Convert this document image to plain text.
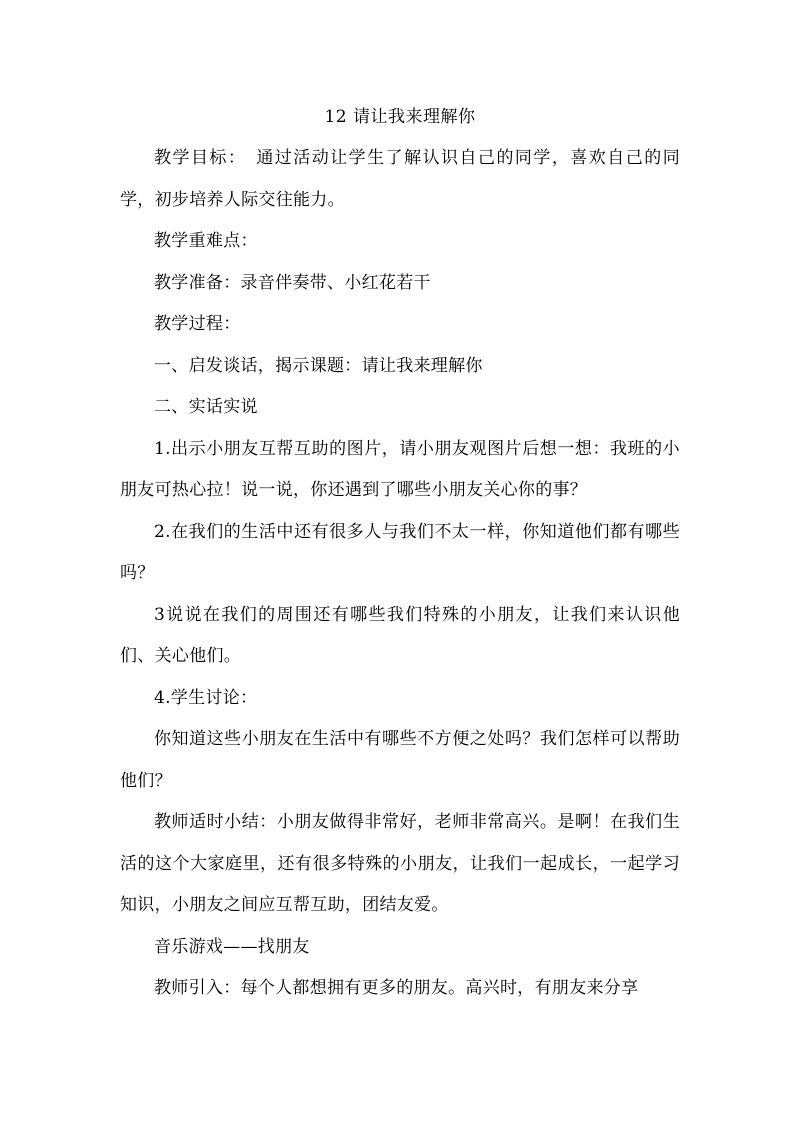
12 请让我来理解你

教学目标：　通过活动让学生了解认识自己的同学，喜欢自己的同学，初步培养人际交往能力。

教学重难点：

教学准备：录音伴奏带、小红花若干

教学过程：

一、启发谈话，揭示课题：请让我来理解你

二、实话实说

1.出示小朋友互帮互助的图片，请小朋友观图片后想一想：我班的小朋友可热心拉！说一说，你还遇到了哪些小朋友关心你的事？

2.在我们的生活中还有很多人与我们不太一样，你知道他们都有哪些吗？

3说说在我们的周围还有哪些我们特殊的小朋友，让我们来认识他们、关心他们。

4.学生讨论：

你知道这些小朋友在生活中有哪些不方便之处吗？我们怎样可以帮助他们？

教师适时小结：小朋友做得非常好，老师非常高兴。是啊！在我们生活的这个大家庭里，还有很多特殊的小朋友，让我们一起成长，一起学习知识，小朋友之间应互帮互助，团结友爱。

音乐游戏——找朋友

教师引入：每个人都想拥有更多的朋友。高兴时，有朋友来分享
